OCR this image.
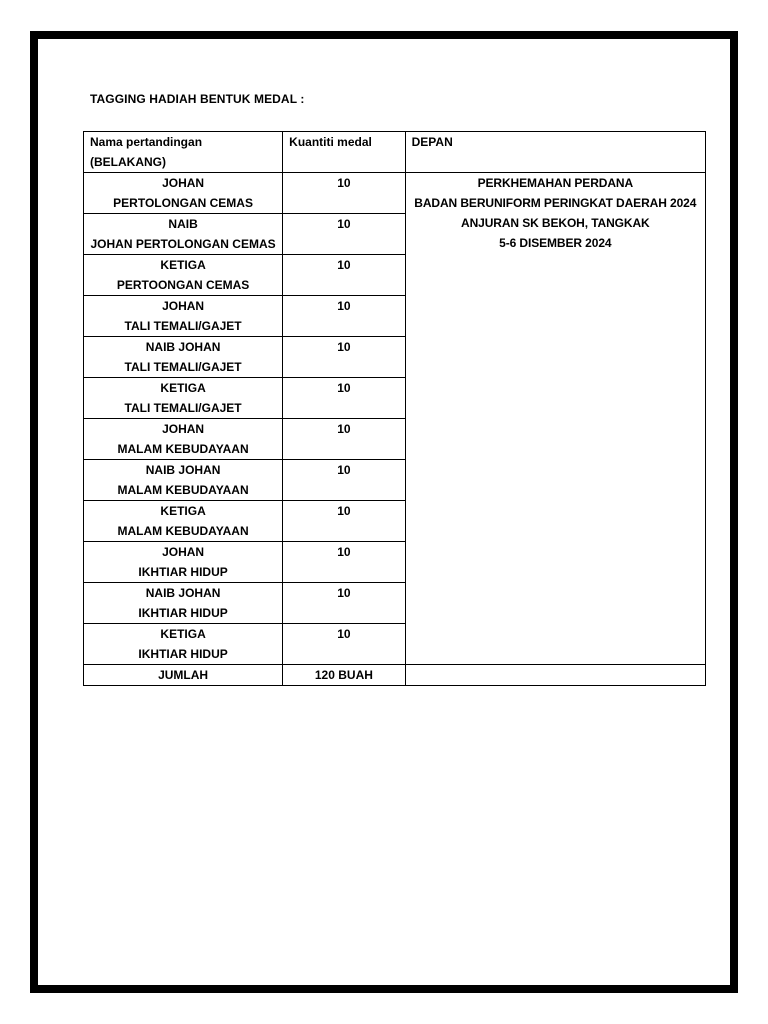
TAGGING HADIAH BENTUK MEDAL :
Nama pertandingan
(BELAKANG)	Kuantiti medal	DEPAN

JOHAN
PERTOLONGAN CEMAS	10	PERKHEMAHAN PERDANA
BADAN BERUNIFORM PERINGKAT DAERAH 2024
ANJURAN SK BEKOH, TANGKAK
5-6 DISEMBER 2024

NAIB
JOHAN PERTOLONGAN CEMAS	10	

KETIGA
PERTOONGAN CEMAS	10	

JOHAN
TALI TEMALI/GAJET	10	

NAIB JOHAN
TALI TEMALI/GAJET	10	

KETIGA
TALI TEMALI/GAJET	10	

JOHAN
MALAM KEBUDAYAAN	10	

NAIB JOHAN
MALAM KEBUDAYAAN	10	

KETIGA
MALAM KEBUDAYAAN	10	

JOHAN
IKHTIAR HIDUP	10	

NAIB JOHAN
IKHTIAR HIDUP	10	

KETIGA
IKHTIAR HIDUP	10	
JUMLAH	120 BUAH	
